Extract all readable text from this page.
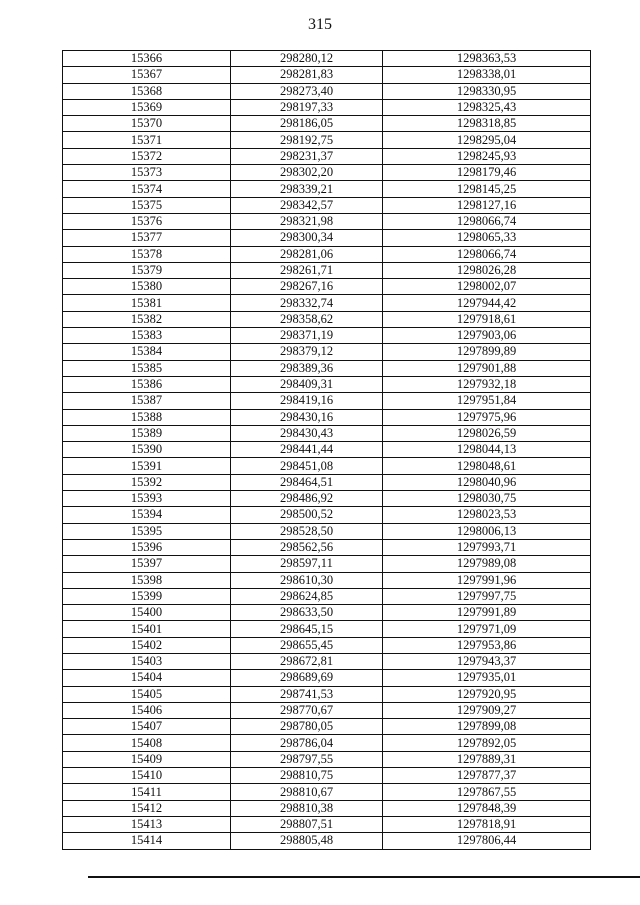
315
15366	298280,12	1298363,53
15367	298281,83	1298338,01
15368	298273,40	1298330,95
15369	298197,33	1298325,43
15370	298186,05	1298318,85
15371	298192,75	1298295,04
15372	298231,37	1298245,93
15373	298302,20	1298179,46
15374	298339,21	1298145,25
15375	298342,57	1298127,16
15376	298321,98	1298066,74
15377	298300,34	1298065,33
15378	298281,06	1298066,74
15379	298261,71	1298026,28
15380	298267,16	1298002,07
15381	298332,74	1297944,42
15382	298358,62	1297918,61
15383	298371,19	1297903,06
15384	298379,12	1297899,89
15385	298389,36	1297901,88
15386	298409,31	1297932,18
15387	298419,16	1297951,84
15388	298430,16	1297975,96
15389	298430,43	1298026,59
15390	298441,44	1298044,13
15391	298451,08	1298048,61
15392	298464,51	1298040,96
15393	298486,92	1298030,75
15394	298500,52	1298023,53
15395	298528,50	1298006,13
15396	298562,56	1297993,71
15397	298597,11	1297989,08
15398	298610,30	1297991,96
15399	298624,85	1297997,75
15400	298633,50	1297991,89
15401	298645,15	1297971,09
15402	298655,45	1297953,86
15403	298672,81	1297943,37
15404	298689,69	1297935,01
15405	298741,53	1297920,95
15406	298770,67	1297909,27
15407	298780,05	1297899,08
15408	298786,04	1297892,05
15409	298797,55	1297889,31
15410	298810,75	1297877,37
15411	298810,67	1297867,55
15412	298810,38	1297848,39
15413	298807,51	1297818,91
15414	298805,48	1297806,44
